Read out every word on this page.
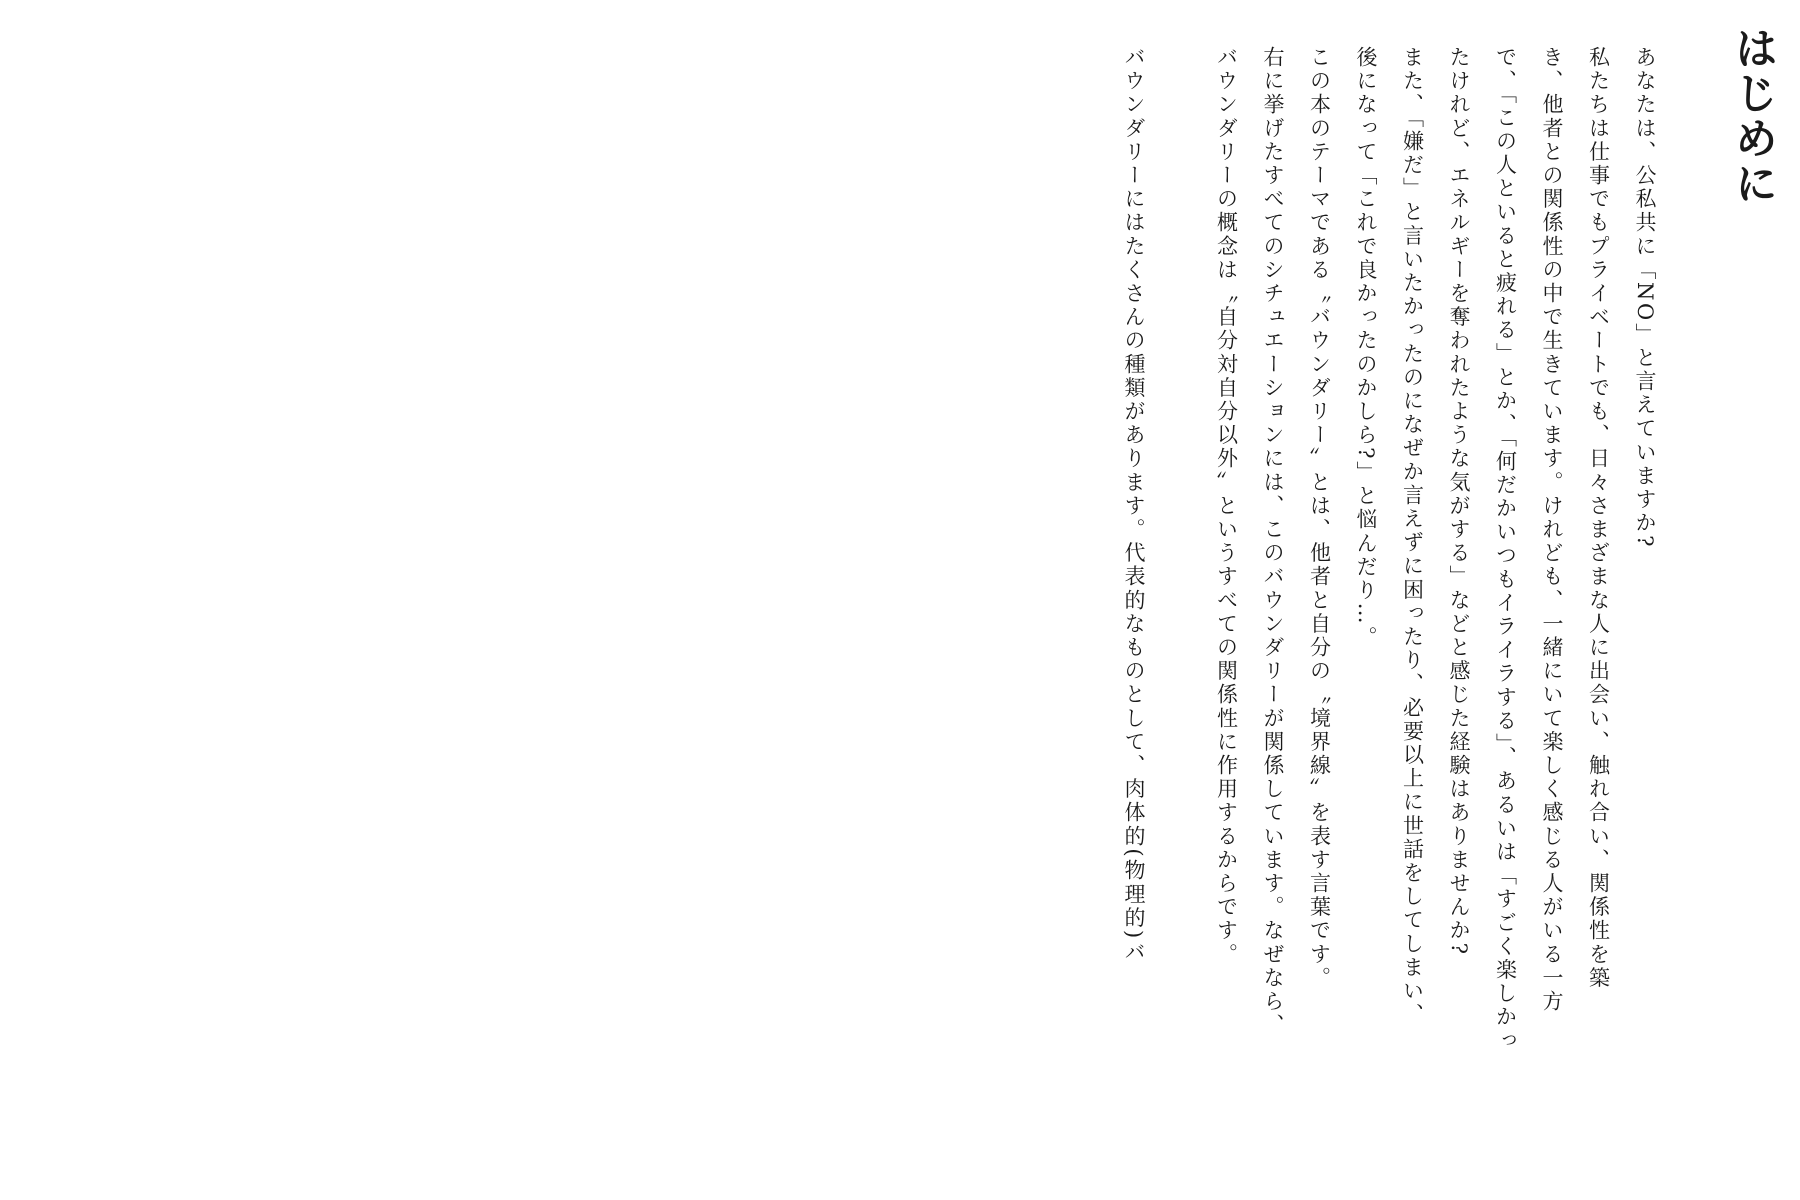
はじめに
あなたは、公私共に「NO」と言えていますか?
私たちは仕事でもプライベートでも、日々さまざまな人に出会い、触れ合い、関係性を築
き、他者との関係性の中で生きています。けれども、一緒にいて楽しく感じる人がいる一方
で、「この人といると疲れる」とか、「何だかいつもイライラする」、あるいは「すごく楽しかっ
たけれど、エネルギーを奪われたような気がする」などと感じた経験はありませんか?
また、「嫌だ」と言いたかったのになぜか言えずに困ったり、必要以上に世話をしてしまい、
後になって「これで良かったのかしら?」と悩んだり…。
この本のテーマである〝バウンダリー〟とは、他者と自分の〝境界線〟を表す言葉です。
右に挙げたすべてのシチュエーションには、このバウンダリーが関係しています。なぜなら、
バウンダリーの概念は〝自分対自分以外〟というすべての関係性に作用するからです。
バウンダリーにはたくさんの種類があります。代表的なものとして、肉体的(物理的)バ
